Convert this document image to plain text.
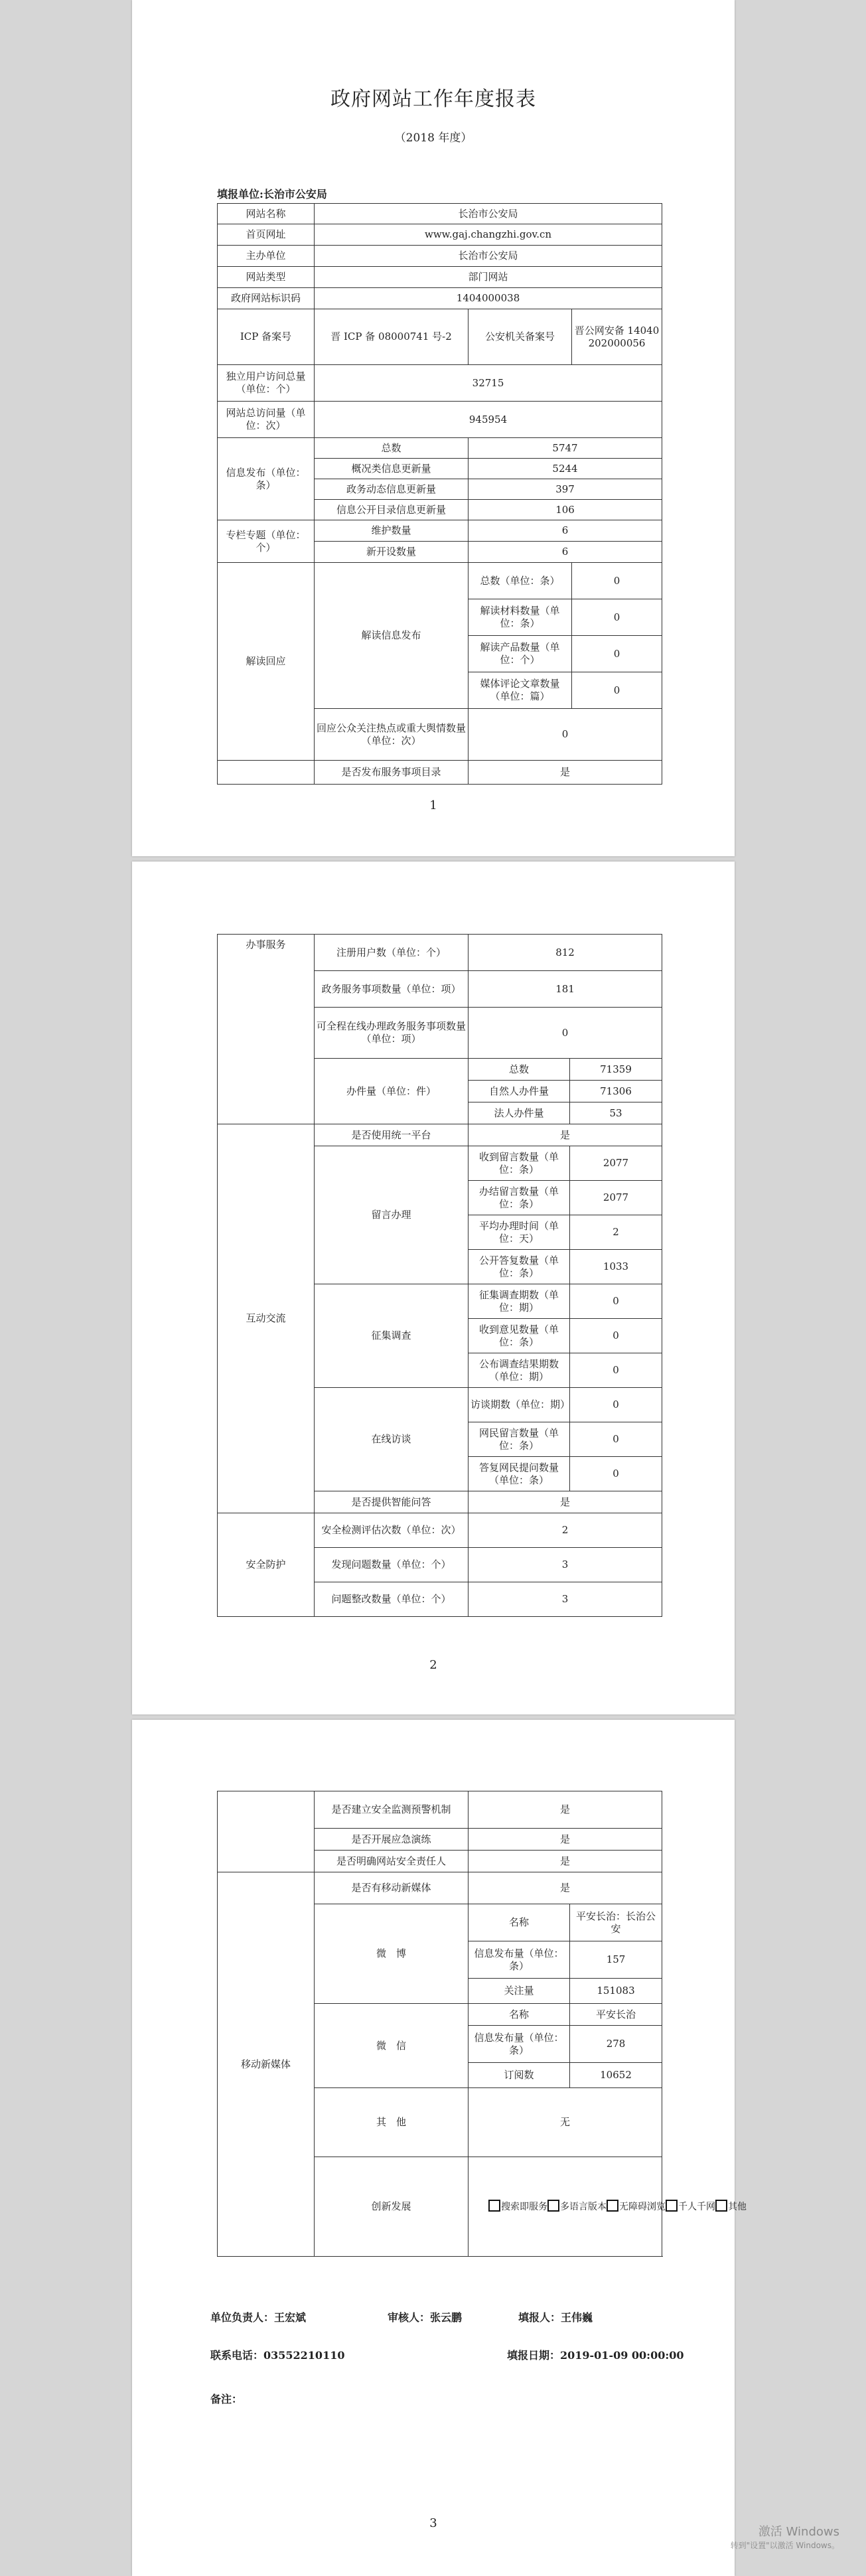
政府网站工作年度报表
（2018 年度）
填报单位:长治市公安局
网站名称	长治市公安局		
首页网址	www.gaj.changzhi.gov.cn		
主办单位	长治市公安局		
网站类型	部门网站		
政府网站标识码	1404000038		
ICP 备案号	晋 ICP 备 08000741 号-2	公安机关备案号	晋公网安备 14040202000056
独立用户访问总量（单位：个）	32715		
网站总访问量（单位：次）	945954		
信息发布（单位：条）	总数	5747	
	概况类信息更新量	5244	
	政务动态信息更新量	397	
	信息公开目录信息更新量	106	
专栏专题（单位：个）	维护数量	6	
	新开设数量	6	
解读回应	解读信息发布	总数（单位：条）	0
		解读材料数量（单位：条）	0
		解读产品数量（单位：个）	0
		媒体评论文章数量（单位：篇）	0
	回应公众关注热点或重大舆情数量（单位：次）	0	
	是否发布服务事项目录	是	
1
办事服务	注册用户数（单位：个）	812	
	政务服务事项数量（单位：项）	181	
	可全程在线办理政务服务事项数量（单位：项）	0	
	办件量（单位：件）	总数	71359
		自然人办件量	71306
		法人办件量	53
互动交流	是否使用统一平台	是	
	留言办理	收到留言数量（单位：条）	2077
		办结留言数量（单位：条）	2077
		平均办理时间（单位：天）	2
		公开答复数量（单位：条）	1033
	征集调查	征集调查期数（单位：期）	0
		收到意见数量（单位：条）	0
		公布调查结果期数（单位：期）	0
	在线访谈	访谈期数（单位：期）	0
		网民留言数量（单位：条）	0
		答复网民提问数量（单位：条）	0
	是否提供智能问答	是	
安全防护	安全检测评估次数（单位：次）	2	
	发现问题数量（单位：个）	3	
	问题整改数量（单位：个）	3	
2
	是否建立安全监测预警机制	是	
	是否开展应急演练	是	
	是否明确网站安全责任人	是	
移动新媒体	是否有移动新媒体	是	
	微　博	名称	平安长治：长治公安
		信息发布量（单位：条）	157
		关注量	151083
	微　信	名称	平安长治
		信息发布量（单位：条）	278
		订阅数	10652
	其　他	无	
	创新发展	搜索即服务 多语言版本 无障碍浏览 千人千网 其他	
单位负责人：王宏斌	审核人：张云鹏	填报人：王伟巍
联系电话：03552210110	填报日期：2019-01-09 00:00:00
备注：
3
激活 Windows
转到"设置"以激活 Windows。
